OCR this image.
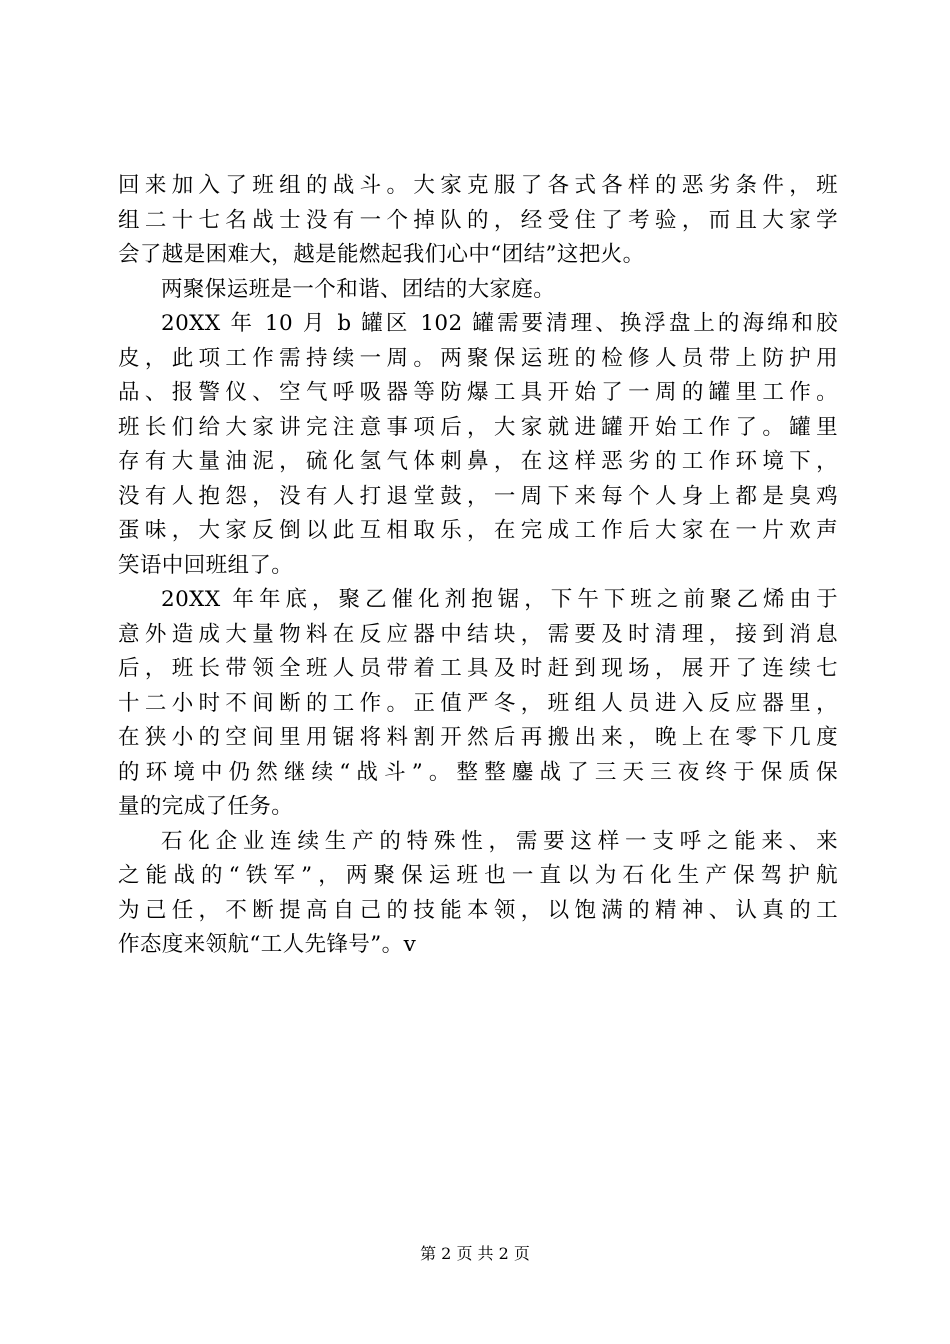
回来加入了班组的战斗。大家克服了各式各样的恶劣条件，班
组二十七名战士没有一个掉队的，经受住了考验，而且大家学
会了越是困难大，越是能燃起我们心中“团结”这把火。
两聚保运班是一个和谐、团结的大家庭。
20XX 年 10 月 b 罐区 102 罐需要清理、换浮盘上的海绵和胶
皮，此项工作需持续一周。两聚保运班的检修人员带上防护用
品、报警仪、空气呼吸器等防爆工具开始了一周的罐里工作。
班长们给大家讲完注意事项后，大家就进罐开始工作了。罐里
存有大量油泥，硫化氢气体刺鼻，在这样恶劣的工作环境下，
没有人抱怨，没有人打退堂鼓，一周下来每个人身上都是臭鸡
蛋味，大家反倒以此互相取乐，在完成工作后大家在一片欢声
笑语中回班组了。
20XX 年年底，聚乙催化剂抱锯，下午下班之前聚乙烯由于
意外造成大量物料在反应器中结块，需要及时清理，接到消息
后，班长带领全班人员带着工具及时赶到现场，展开了连续七
十二小时不间断的工作。正值严冬，班组人员进入反应器里，
在狭小的空间里用锯将料割开然后再搬出来，晚上在零下几度
的环境中仍然继续“战斗”。整整鏖战了三天三夜终于保质保
量的完成了任务。
石化企业连续生产的特殊性，需要这样一支呼之能来、来
之能战的“铁军”，两聚保运班也一直以为石化生产保驾护航
为己任，不断提高自己的技能本领，以饱满的精神、认真的工
作态度来领航“工人先锋号”。v
第 2 页 共 2 页
